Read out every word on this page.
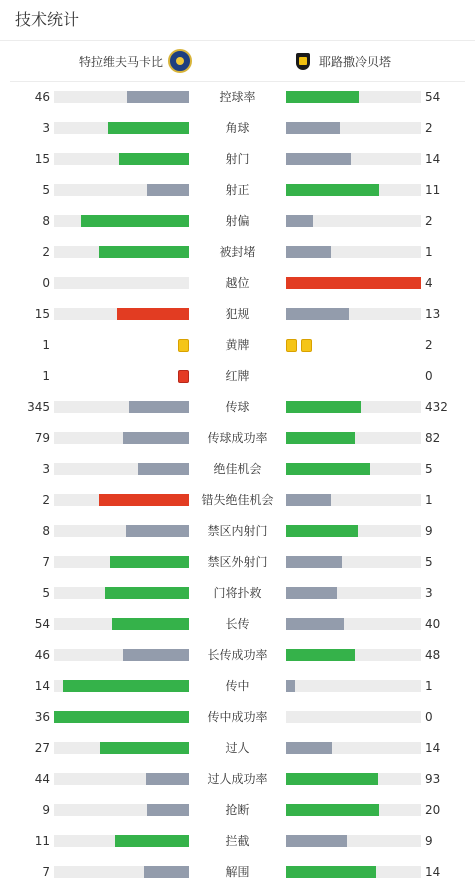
技术统计
特拉维夫马卡比	耶路撒冷贝塔
46	控球率	54
3	角球	2
15	射门	14
5	射正	11
8	射偏	2
2	被封堵	1
0	越位	4
15	犯规	13
1	黄牌	2
1	红牌	0
345	传球	432
79	传球成功率	82
3	绝佳机会	5
2	错失绝佳机会	1
8	禁区内射门	9
7	禁区外射门	5
5	门将扑救	3
54	长传	40
46	长传成功率	48
14	传中	1
36	传中成功率	0
27	过人	14
44	过人成功率	93
9	抢断	20
11	拦截	9
7	解围	14
